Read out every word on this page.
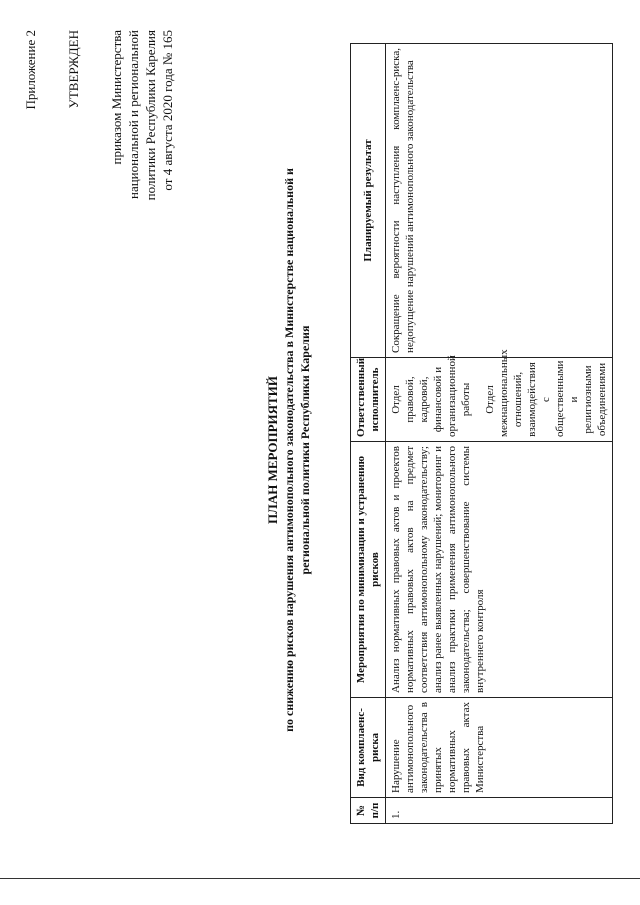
Приложение 2 УТВЕРЖДЕН приказом Министерства национальной и региональной политики Республики Карелия от 4 августа 2020 года № 165
ПЛАН МЕРОПРИЯТИЙ по снижению рисков нарушения антимонопольного законодательства в Министерстве национальной и региональной политики Республики Карелия
№ п/п	Вид комплаенс-риска	Мероприятия по минимизации и устранению рисков	Ответственный исполнитель	Планируемый результат
1.	Нарушение антимонопольного законодательства в принятых нормативных правовых актах Министерства	Анализ нормативных правовых актов и проектов нормативных правовых актов на предмет соответствия антимонопольному законодательству; анализ ранее выявленных нарушений; мониторинг и анализ практики применения антимонопольного законодательства; совершенствование системы внутреннего контроля	Отдел правовой, кадровой, финансовой и организационной работы Отдел межнациональных отношений, взаимодействия с общественными и религиозными объединениями	Сокращение вероятности наступления комплаенс-риска, недопущение нарушений антимонопольного законодательства
